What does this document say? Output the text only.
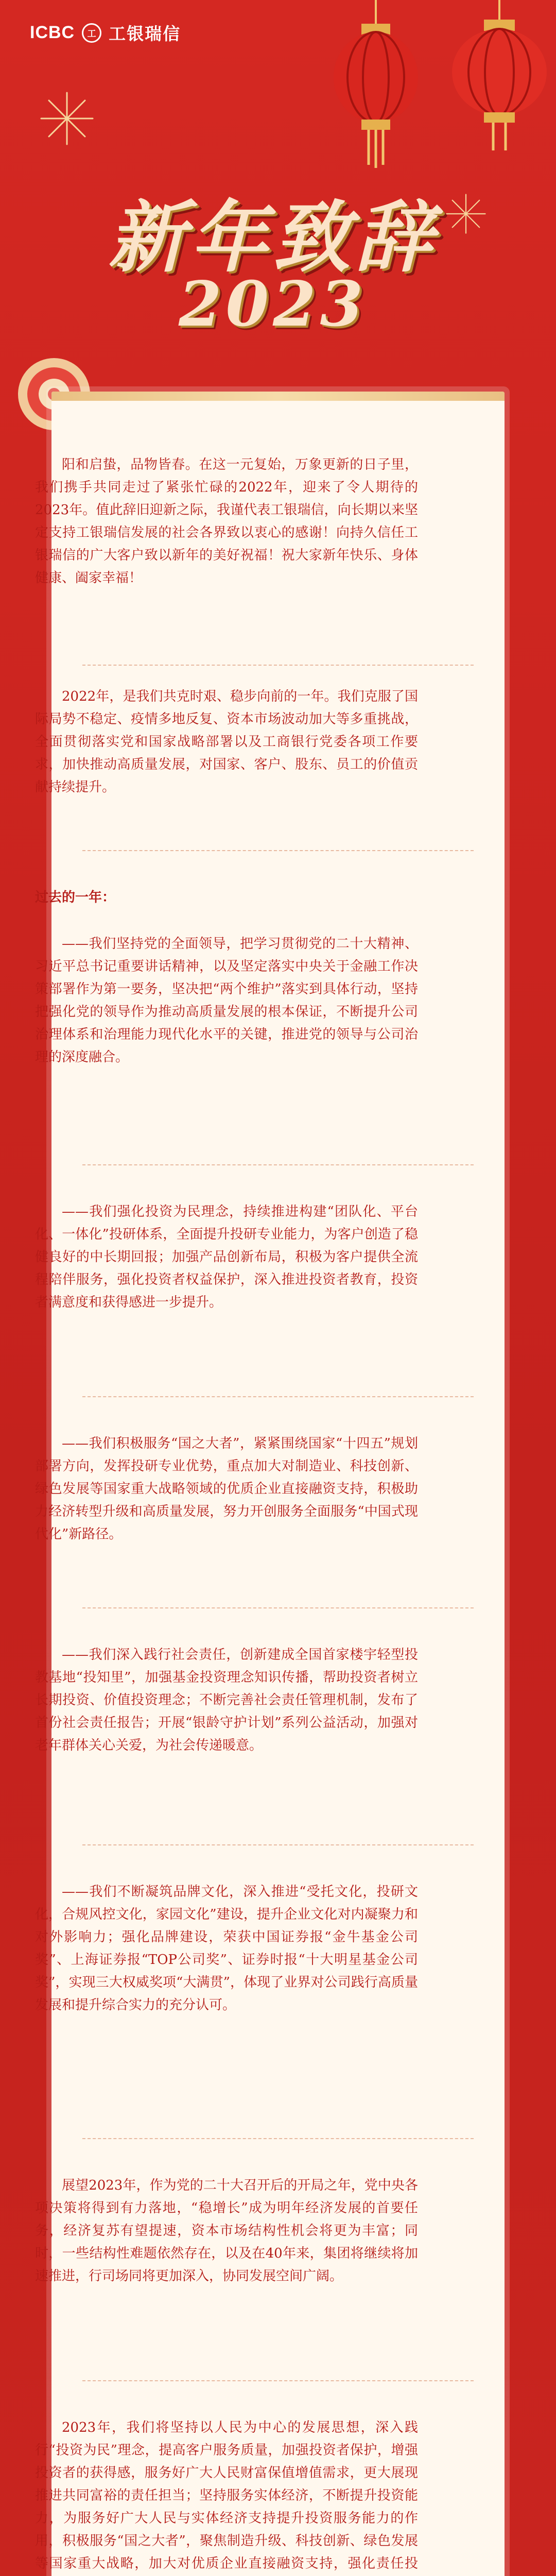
ICBC	工 工银瑞信
新年致辞
2023

阳和启蛰，品物皆春。在这一元复始，万象更新的日子里，我们携手共同走过了紧张忙碌的2022年，迎来了令人期待的2023年。值此辞旧迎新之际，我谨代表工银瑞信，向长期以来坚定支持工银瑞信发展的社会各界致以衷心的感谢！向持久信任工银瑞信的广大客户致以新年的美好祝福！祝大家新年快乐、身体健康、阖家幸福！

2022年，是我们共克时艰、稳步向前的一年。我们克服了国际局势不稳定、疫情多地反复、资本市场波动加大等多重挑战，全面贯彻落实党和国家战略部署以及工商银行党委各项工作要求，加快推动高质量发展，对国家、客户、股东、员工的价值贡献持续提升。

过去的一年：

——我们坚持党的全面领导，把学习贯彻党的二十大精神、习近平总书记重要讲话精神，以及坚定落实中央关于金融工作决策部署作为第一要务，坚决把“两个维护”落实到具体行动，坚持把强化党的领导作为推动高质量发展的根本保证，不断提升公司治理体系和治理能力现代化水平的关键，推进党的领导与公司治理的深度融合。

——我们强化投资为民理念，持续推进构建“团队化、平台化、一体化”投研体系，全面提升投研专业能力，为客户创造了稳健良好的中长期回报；加强产品创新布局，积极为客户提供全流程陪伴服务，强化投资者权益保护，深入推进投资者教育，投资者满意度和获得感进一步提升。

——我们积极服务“国之大者”，紧紧围绕国家“十四五”规划部署方向，发挥投研专业优势，重点加大对制造业、科技创新、绿色发展等国家重大战略领域的优质企业直接融资支持，积极助力经济转型升级和高质量发展，努力开创服务全面服务“中国式现代化”新路径。

——我们深入践行社会责任，创新建成全国首家楼宇轻型投教基地“投知里”，加强基金投资理念知识传播，帮助投资者树立长期投资、价值投资理念；不断完善社会责任管理机制，发布了首份社会责任报告；开展“银龄守护计划”系列公益活动，加强对老年群体关心关爱，为社会传递暖意。

——我们不断凝筑品牌文化，深入推进“受托文化，投研文化，合规风控文化，家园文化”建设，提升企业文化对内凝聚力和对外影响力；强化品牌建设，荣获中国证券报“金牛基金公司奖”、上海证券报“TOP公司奖”、证券时报“十大明星基金公司奖”，实现三大权威奖项“大满贯”，体现了业界对公司践行高质量发展和提升综合实力的充分认可。

展望2023年，作为党的二十大召开后的开局之年，党中央各项决策将得到有力落地，“稳增长”成为明年经济发展的首要任务，经济复苏有望提速，资本市场结构性机会将更为丰富；同时，一些结构性难题依然存在，以及在40年来，集团将继续将加速推进，行司场同将更加深入，协同发展空间广阔。

2023年，我们将坚持以人民为中心的发展思想，深入践行“投资为民”理念，提高客户服务质量，加强投资者保护，增强投资者的获得感，服务好广大人民财富保值增值需求，更大展现推进共同富裕的责任担当；坚持服务实体经济，不断提升投资能力，为服务好广大人民与实体经济支持提升投资服务能力的作用，积极服务“国之大者”，聚焦制造升级、科技创新、绿色发展等国家重大战略，加大对优质企业直接融资支持，强化责任投
